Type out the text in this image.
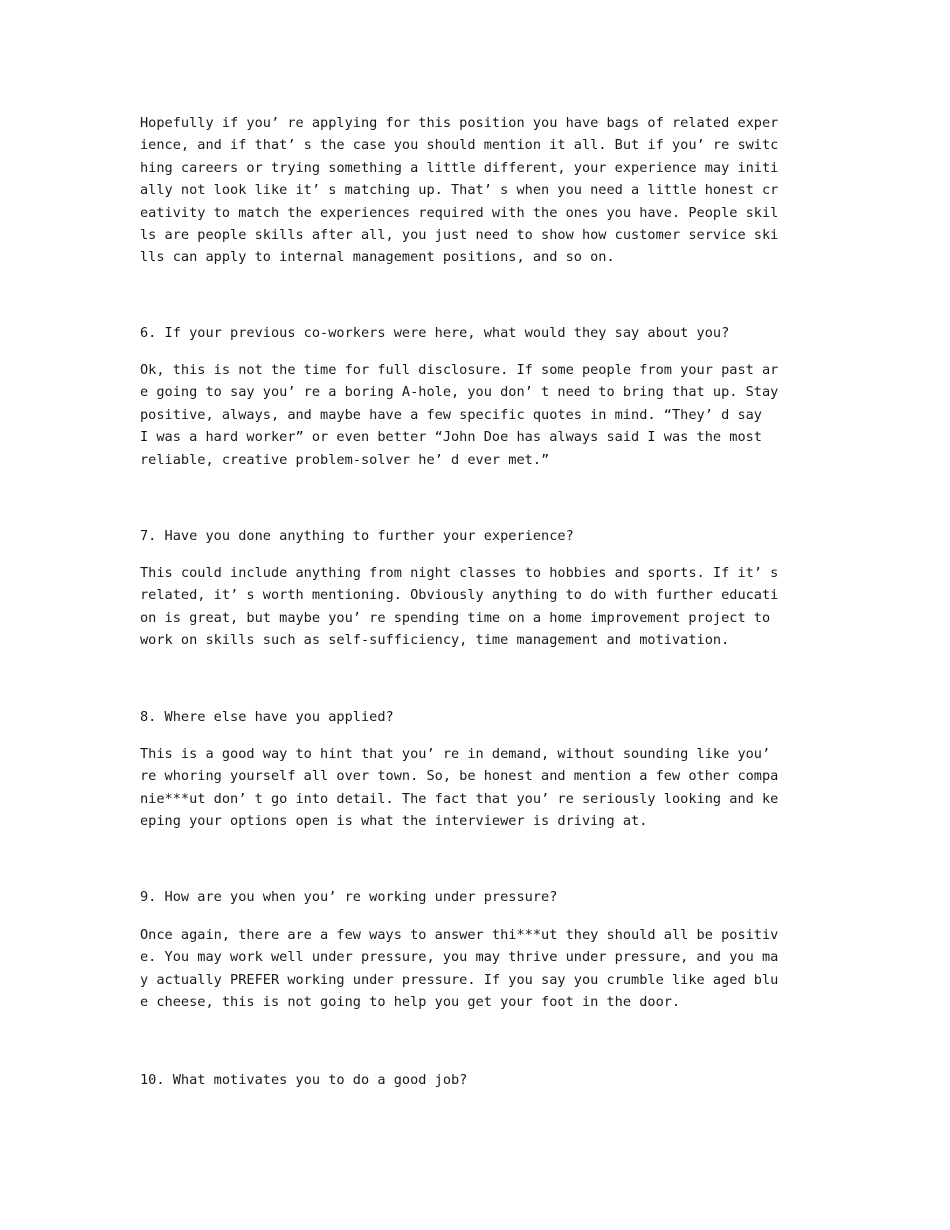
Hopefully if you’ re applying for this position you have bags of related exper
ience, and if that’ s the case you should mention it all. But if you’ re switc
hing careers or trying something a little different, your experience may initi
ally not look like it’ s matching up. That’ s when you need a little honest cr
eativity to match the experiences required with the ones you have. People skil
ls are people skills after all, you just need to show how customer service ski
lls can apply to internal management positions, and so on.

6. If your previous co-workers were here, what would they say about you?

Ok, this is not the time for full disclosure. If some people from your past ar
e going to say you’ re a boring A-hole, you don’ t need to bring that up. Stay
positive, always, and maybe have a few specific quotes in mind. “They’ d say
I was a hard worker” or even better “John Doe has always said I was the most
reliable, creative problem-solver he’ d ever met.”

7. Have you done anything to further your experience?

This could include anything from night classes to hobbies and sports. If it’ s
related, it’ s worth mentioning. Obviously anything to do with further educati
on is great, but maybe you’ re spending time on a home improvement project to
work on skills such as self-sufficiency, time management and motivation.

8. Where else have you applied?

This is a good way to hint that you’ re in demand, without sounding like you’
re whoring yourself all over town. So, be honest and mention a few other compa
nie***ut don’ t go into detail. The fact that you’ re seriously looking and ke
eping your options open is what the interviewer is driving at.

9. How are you when you’ re working under pressure?

Once again, there are a few ways to answer thi***ut they should all be positiv
e. You may work well under pressure, you may thrive under pressure, and you ma
y actually PREFER working under pressure. If you say you crumble like aged blu
e cheese, this is not going to help you get your foot in the door.

10. What motivates you to do a good job?
